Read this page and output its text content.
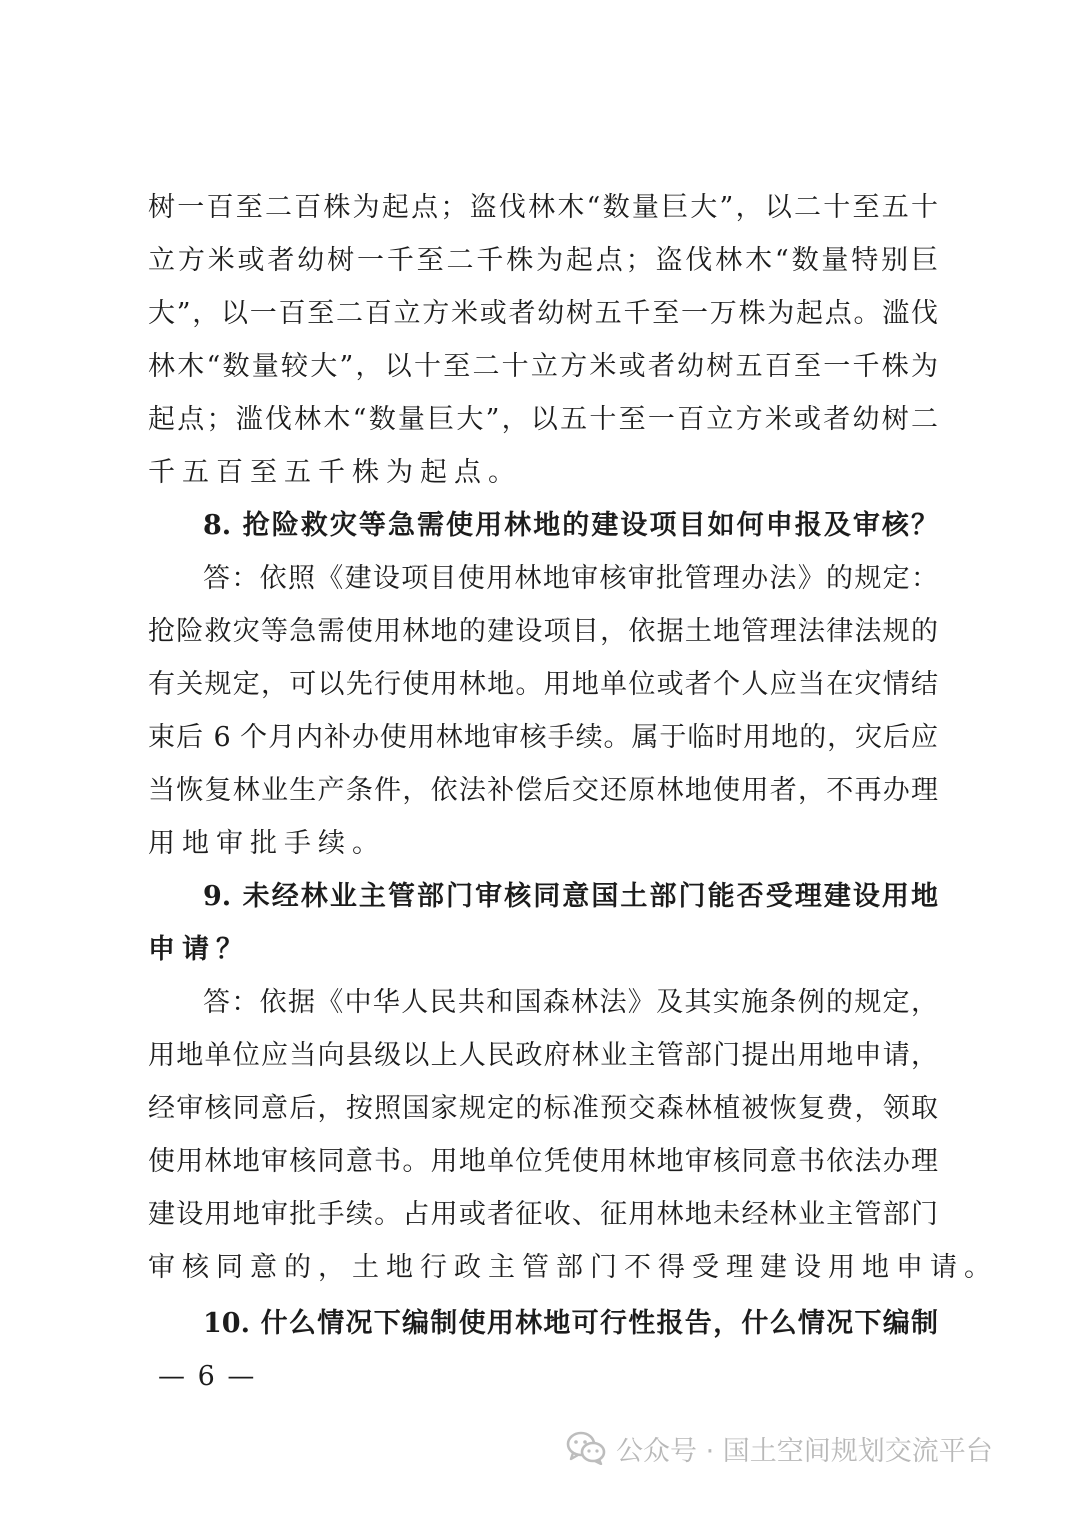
树一百至二百株为起点；盗伐林木“数量巨大”，以二十至五十
立方米或者幼树一千至二千株为起点；盗伐林木“数量特别巨
大”，以一百至二百立方米或者幼树五千至一万株为起点。滥伐
林木“数量较大”，以十至二十立方米或者幼树五百至一千株为
起点；滥伐林木“数量巨大”，以五十至一百立方米或者幼树二
千五百至五千株为起点。
8. 抢险救灾等急需使用林地的建设项目如何申报及审核？
答：依照《建设项目使用林地审核审批管理办法》的规定：
抢险救灾等急需使用林地的建设项目，依据土地管理法律法规的
有关规定，可以先行使用林地。用地单位或者个人应当在灾情结
束后 6 个月内补办使用林地审核手续。属于临时用地的，灾后应
当恢复林业生产条件，依法补偿后交还原林地使用者，不再办理
用地审批手续。
9. 未经林业主管部门审核同意国土部门能否受理建设用地
申请？
答：依据《中华人民共和国森林法》及其实施条例的规定，
用地单位应当向县级以上人民政府林业主管部门提出用地申请，
经审核同意后，按照国家规定的标准预交森林植被恢复费，领取
使用林地审核同意书。用地单位凭使用林地审核同意书依法办理
建设用地审批手续。占用或者征收、征用林地未经林业主管部门
审核同意的，土地行政主管部门不得受理建设用地申请。
10. 什么情况下编制使用林地可行性报告，什么情况下编制
— 6 —
公众号 · 国土空间规划交流平台
